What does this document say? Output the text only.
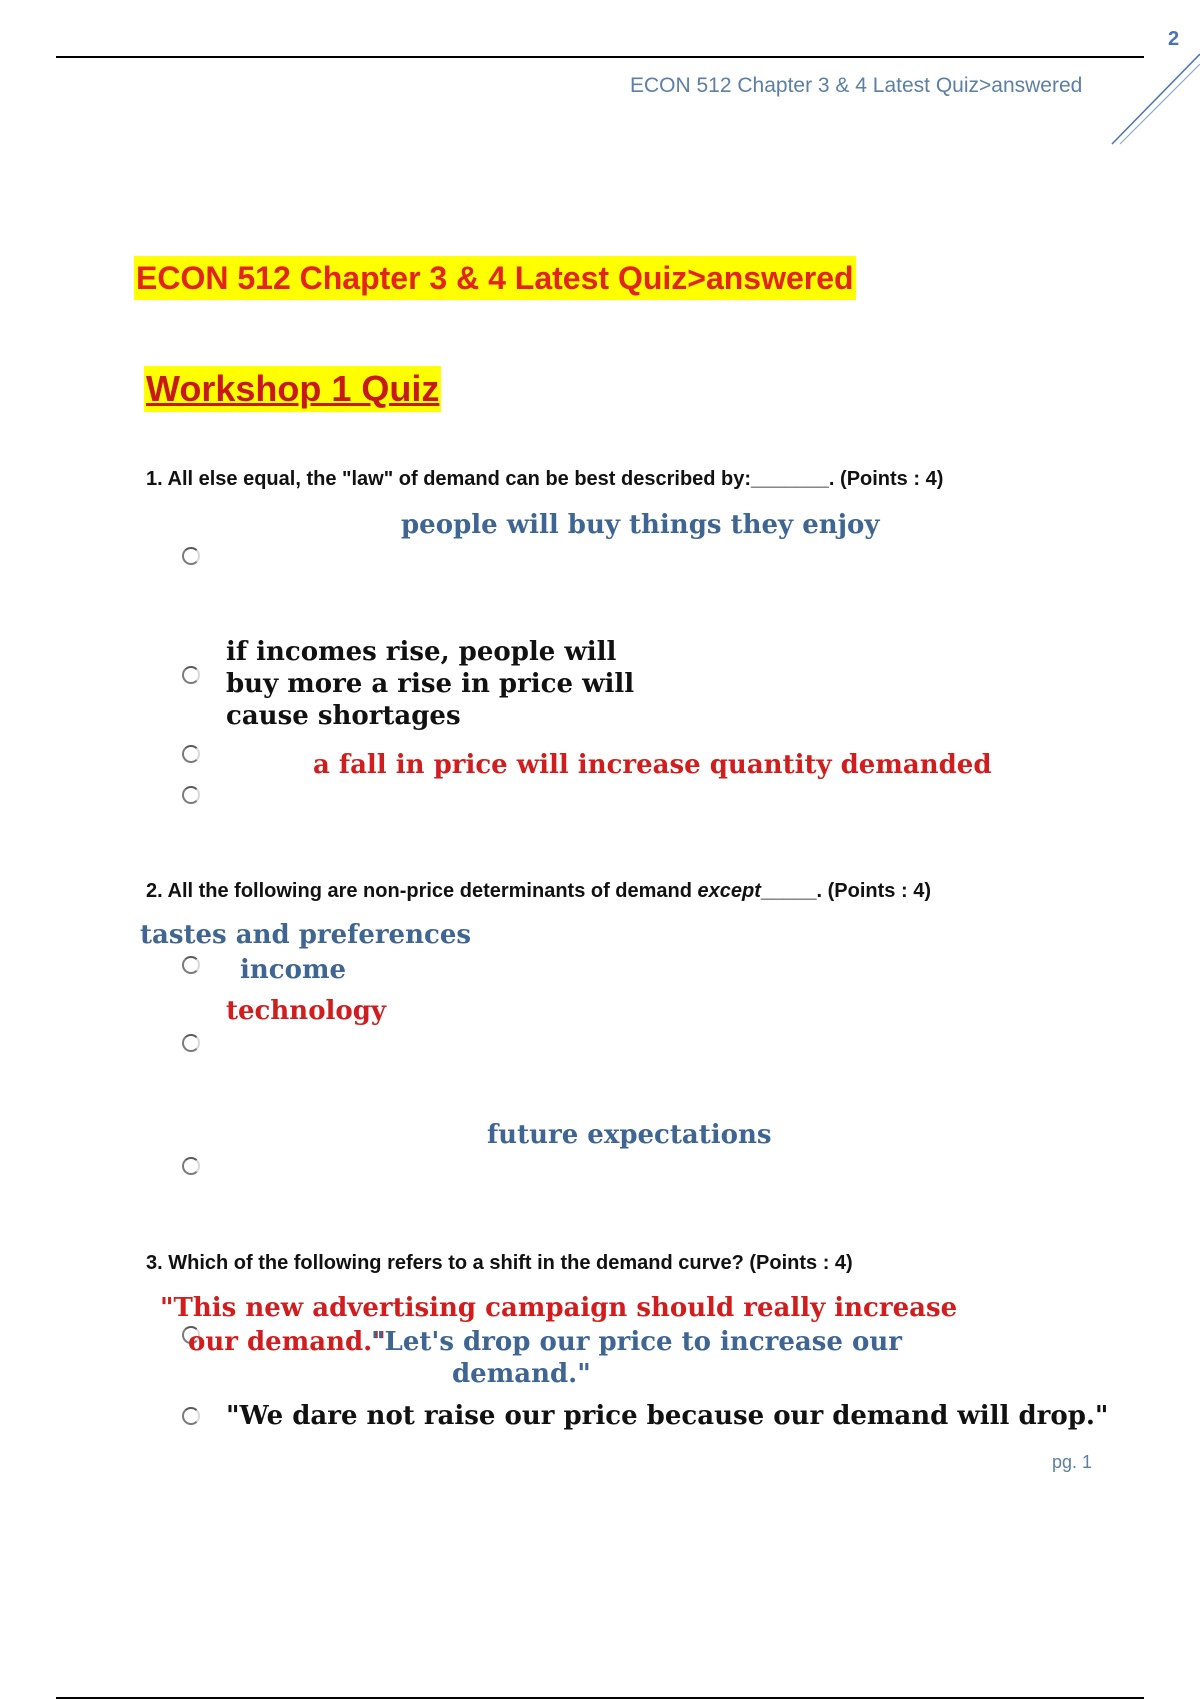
2
ECON 512 Chapter 3 & 4 Latest Quiz>answered
ECON 512 Chapter 3 & 4 Latest Quiz>answered
Workshop 1 Quiz
1. All else equal, the "law" of demand can be best described by:_______. (Points : 4)
people will buy things they enjoy
if incomes rise, people will
buy more a rise in price will
cause shortages
a fall in price will increase quantity demanded
2. All the following are non-price determinants of demand except_____. (Points : 4)
tastes and preferences
income
technology
future expectations
3. Which of the following refers to a shift in the demand curve? (Points : 4)
"This new advertising campaign should really increase
our demand."
"Let's drop our price to increase our
demand."
"We dare not raise our price because our demand will drop."
pg. 1
